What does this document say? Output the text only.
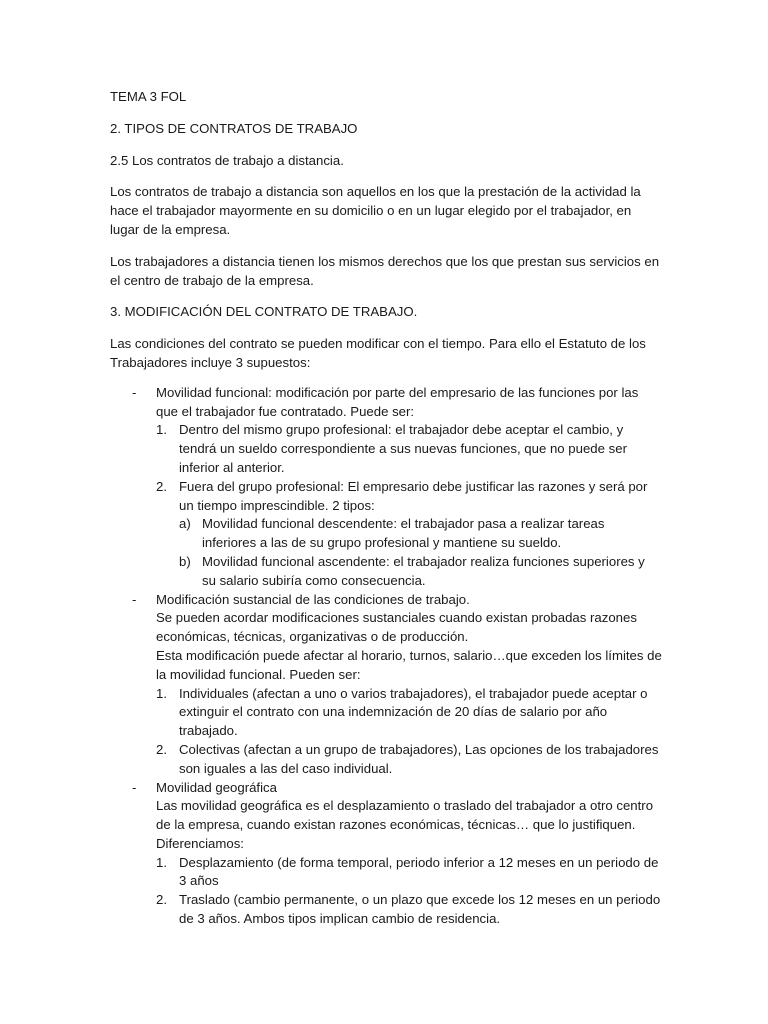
TEMA 3 FOL

2. TIPOS DE CONTRATOS DE TRABAJO

2.5 Los contratos de trabajo a distancia.

Los contratos de trabajo a distancia son aquellos en los que la prestación de la actividad la hace el trabajador mayormente en su domicilio o en un lugar elegido por el trabajador, en lugar de la empresa.

Los trabajadores a distancia tienen los mismos derechos que los que prestan sus servicios en el centro de trabajo de la empresa.

3. MODIFICACIÓN DEL CONTRATO DE TRABAJO.

Las condiciones del contrato se pueden modificar con el tiempo. Para ello el Estatuto de los Trabajadores incluye 3 supuestos:

- Movilidad funcional: modificación por parte del empresario de las funciones por las que el trabajador fue contratado. Puede ser:
1. Dentro del mismo grupo profesional: el trabajador debe aceptar el cambio, y tendrá un sueldo correspondiente a sus nuevas funciones, que no puede ser inferior al anterior.
2. Fuera del grupo profesional: El empresario debe justificar las razones y será por un tiempo imprescindible. 2 tipos:
a) Movilidad funcional descendente: el trabajador pasa a realizar tareas inferiores a las de su grupo profesional y mantiene su sueldo.
b) Movilidad funcional ascendente: el trabajador realiza funciones superiores y su salario subiría como consecuencia.
- Modificación sustancial de las condiciones de trabajo.
Se pueden acordar modificaciones sustanciales cuando existan probadas razones económicas, técnicas, organizativas o de producción.
Esta modificación puede afectar al horario, turnos, salario…que exceden los límites de la movilidad funcional. Pueden ser:
1. Individuales (afectan a uno o varios trabajadores), el trabajador puede aceptar o extinguir el contrato con una indemnización de 20 días de salario por año trabajado.
2. Colectivas (afectan a un grupo de trabajadores), Las opciones de los trabajadores son iguales a las del caso individual.
- Movilidad geográfica
Las movilidad geográfica es el desplazamiento o traslado del trabajador a otro centro de la empresa, cuando existan razones económicas, técnicas… que lo justifiquen. Diferenciamos:
1. Desplazamiento (de forma temporal, periodo inferior a 12 meses en un periodo de 3 años
2. Traslado (cambio permanente, o un plazo que excede los 12 meses en un periodo de 3 años. Ambos tipos implican cambio de residencia.
